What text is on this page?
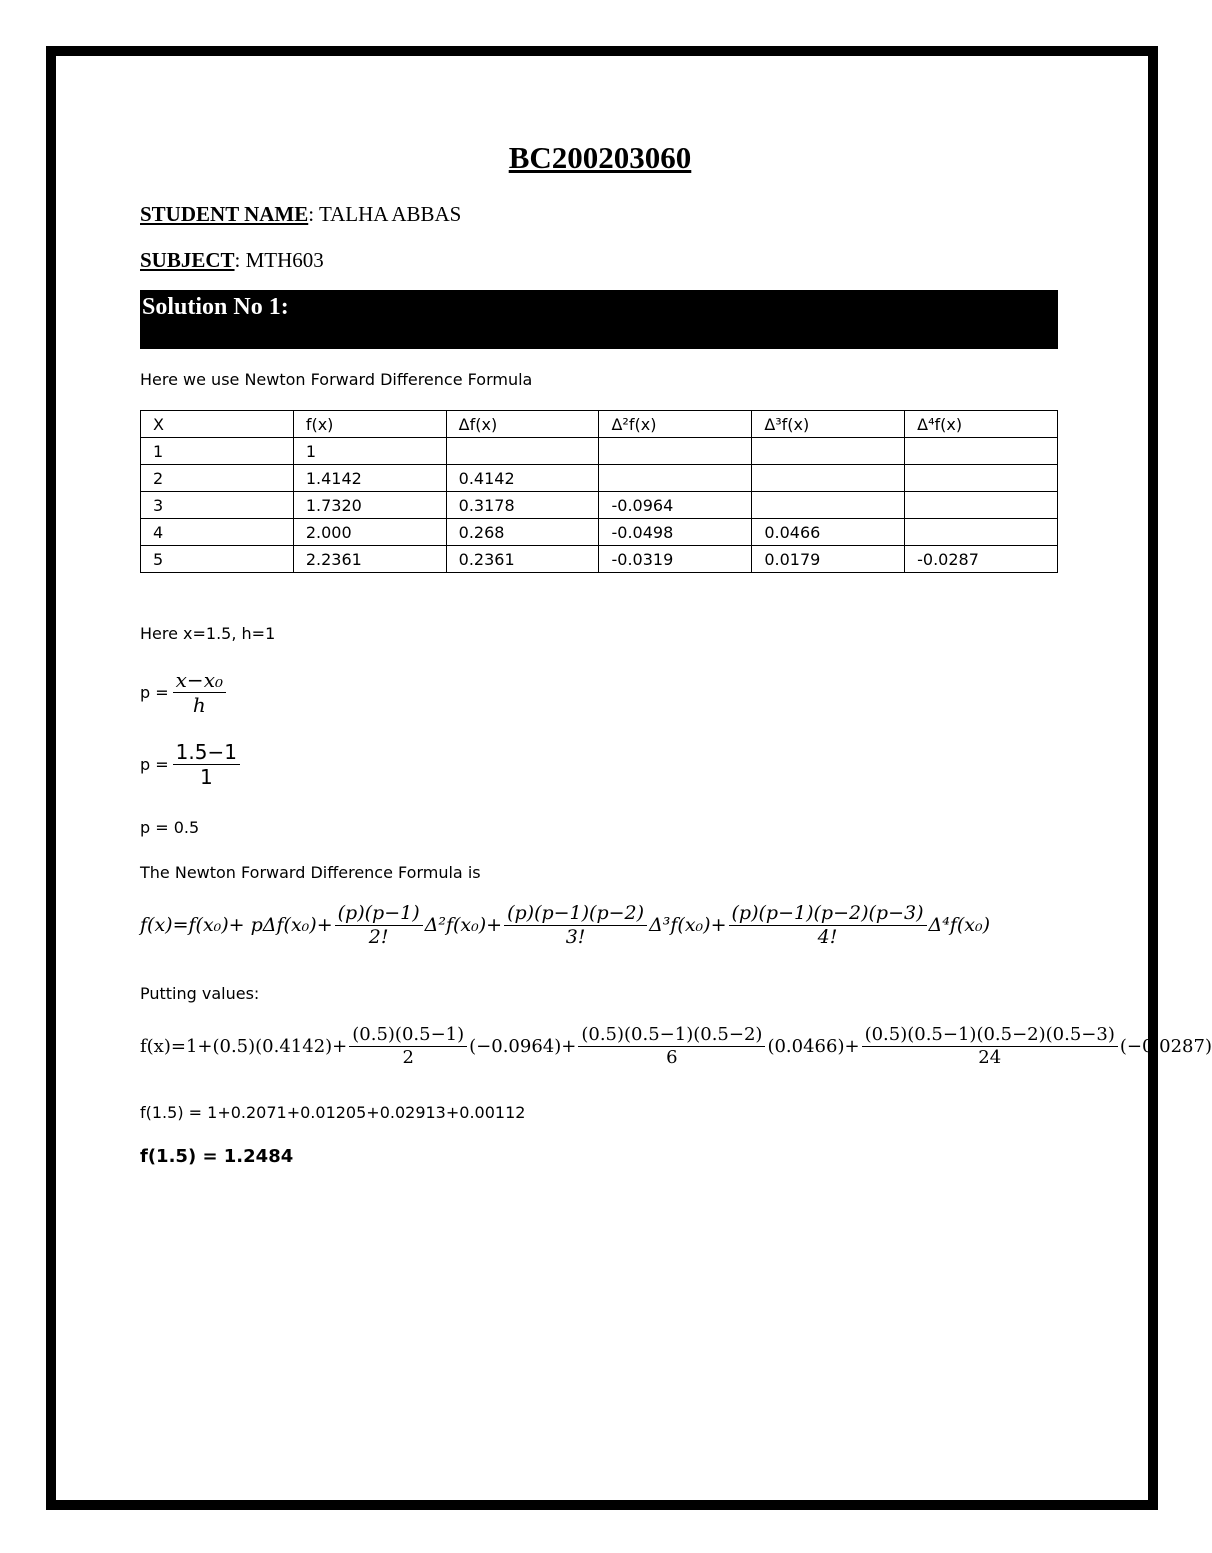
BC200203060
STUDENT NAME: TALHA ABBAS
SUBJECT: MTH603
Solution No 1:
Here we use Newton Forward Difference Formula
X	f(x)	Δf(x)	Δ²f(x)	Δ³f(x)	Δ⁴f(x)
1	1				
2	1.4142	0.4142			
3	1.7320	0.3178	-0.0964		
4	2.000	0.268	-0.0498	0.0466	
5	2.2361	0.2361	-0.0319	0.0179	-0.0287
Here x=1.5, h=1
$p = \frac{\text{x−x₀}}{h}$
$p = \frac{1.5-1}{1}$
p = 0.5
The Newton Forward Difference Formula is
$f(x)=f(x_0)+ p\Delta f(x_0)+ \frac{(p)(p-1)}{2!} \Delta^2f(x_0)+ \frac{(p)(p-1)(p-2)}{3!} \Delta^3f(x_0)+ \frac{(p)(p-1)(p-2)(p-3)}{4!} \Delta^4f(x_0)$
Putting values:
$f(x)=1+(0.5)(0.4142)+ \frac{(0.5)(0.5-1)}{2} (-0.0964)+ \frac{(0.5)(0.5-1)(0.5-2)}{6} (0.0466)+ \frac{(0.5)(0.5-1)(0.5-2)(0.5-3)}{24} (-0.0287)$
f(1.5) = 1+0.2071+0.01205+0.02913+0.00112
f(1.5) = 1.2484
